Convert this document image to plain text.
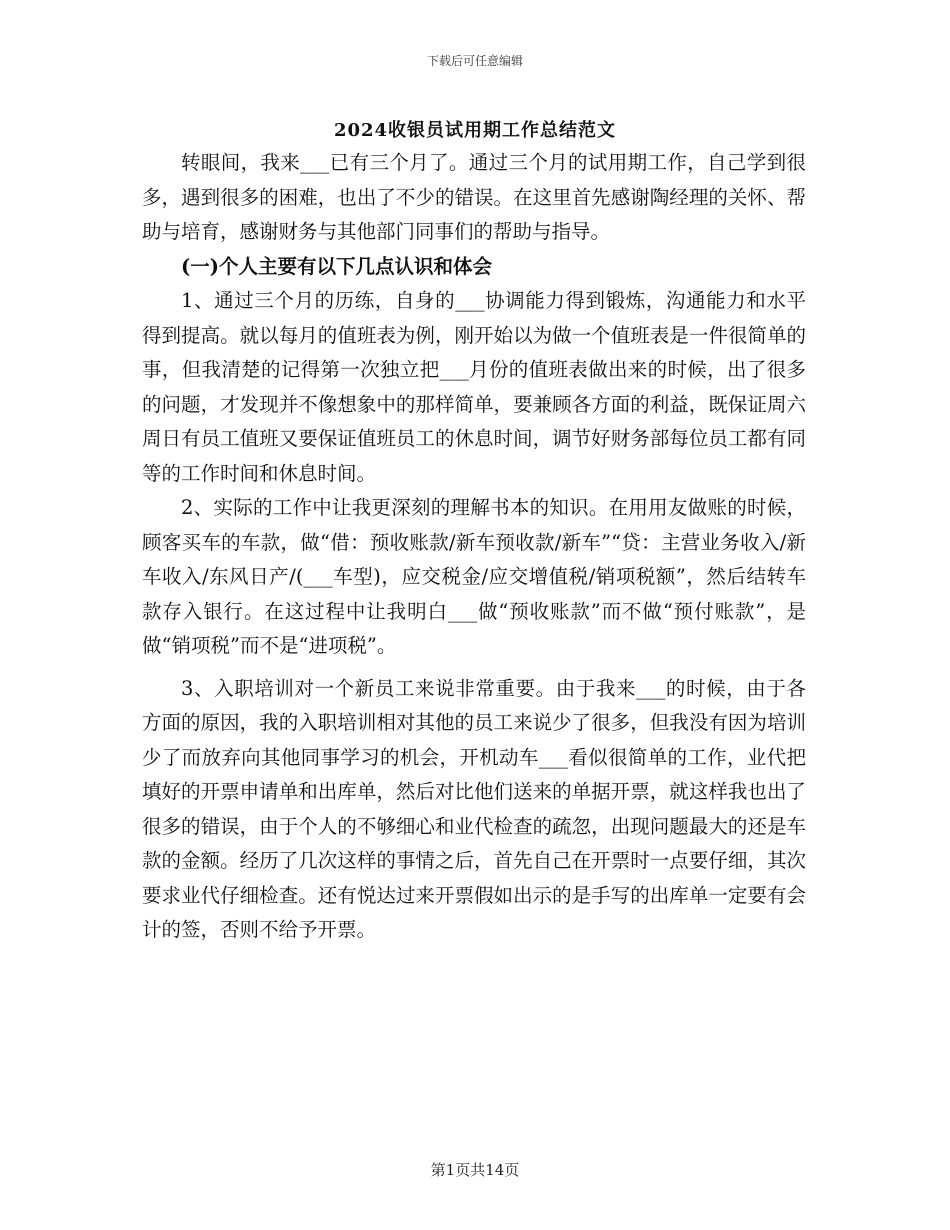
下载后可任意编辑
2024收银员试用期工作总结范文

转眼间，我来___已有三个月了。通过三个月的试用期工作，自己学到很多，遇到很多的困难，也出了不少的错误。在这里首先感谢陶经理的关怀、帮助与培育，感谢财务与其他部门同事们的帮助与指导。

(一)个人主要有以下几点认识和体会

1、通过三个月的历练，自身的___协调能力得到锻炼，沟通能力和水平得到提高。就以每月的值班表为例，刚开始以为做一个值班表是一件很简单的事，但我清楚的记得第一次独立把___月份的值班表做出来的时候，出了很多的问题，才发现并不像想象中的那样简单，要兼顾各方面的利益，既保证周六周日有员工值班又要保证值班员工的休息时间，调节好财务部每位员工都有同等的工作时间和休息时间。

2、实际的工作中让我更深刻的理解书本的知识。在用用友做账的时候，顾客买车的车款，做“借：预收账款/新车预收款/新车”“贷：主营业务收入/新车收入/东风日产/(___车型)，应交税金/应交增值税/销项税额”，然后结转车款存入银行。在这过程中让我明白___做“预收账款”而不做“预付账款”，是做“销项税”而不是“进项税”。

3、入职培训对一个新员工来说非常重要。由于我来___的时候，由于各方面的原因，我的入职培训相对其他的员工来说少了很多，但我没有因为培训少了而放弃向其他同事学习的机会，开机动车___看似很简单的工作，业代把填好的开票申请单和出库单，然后对比他们送来的单据开票，就这样我也出了很多的错误，由于个人的不够细心和业代检查的疏忽，出现问题最大的还是车款的金额。经历了几次这样的事情之后，首先自己在开票时一点要仔细，其次要求业代仔细检查。还有悦达过来开票假如出示的是手写的出库单一定要有会计的签，否则不给予开票。

第1页共14页
